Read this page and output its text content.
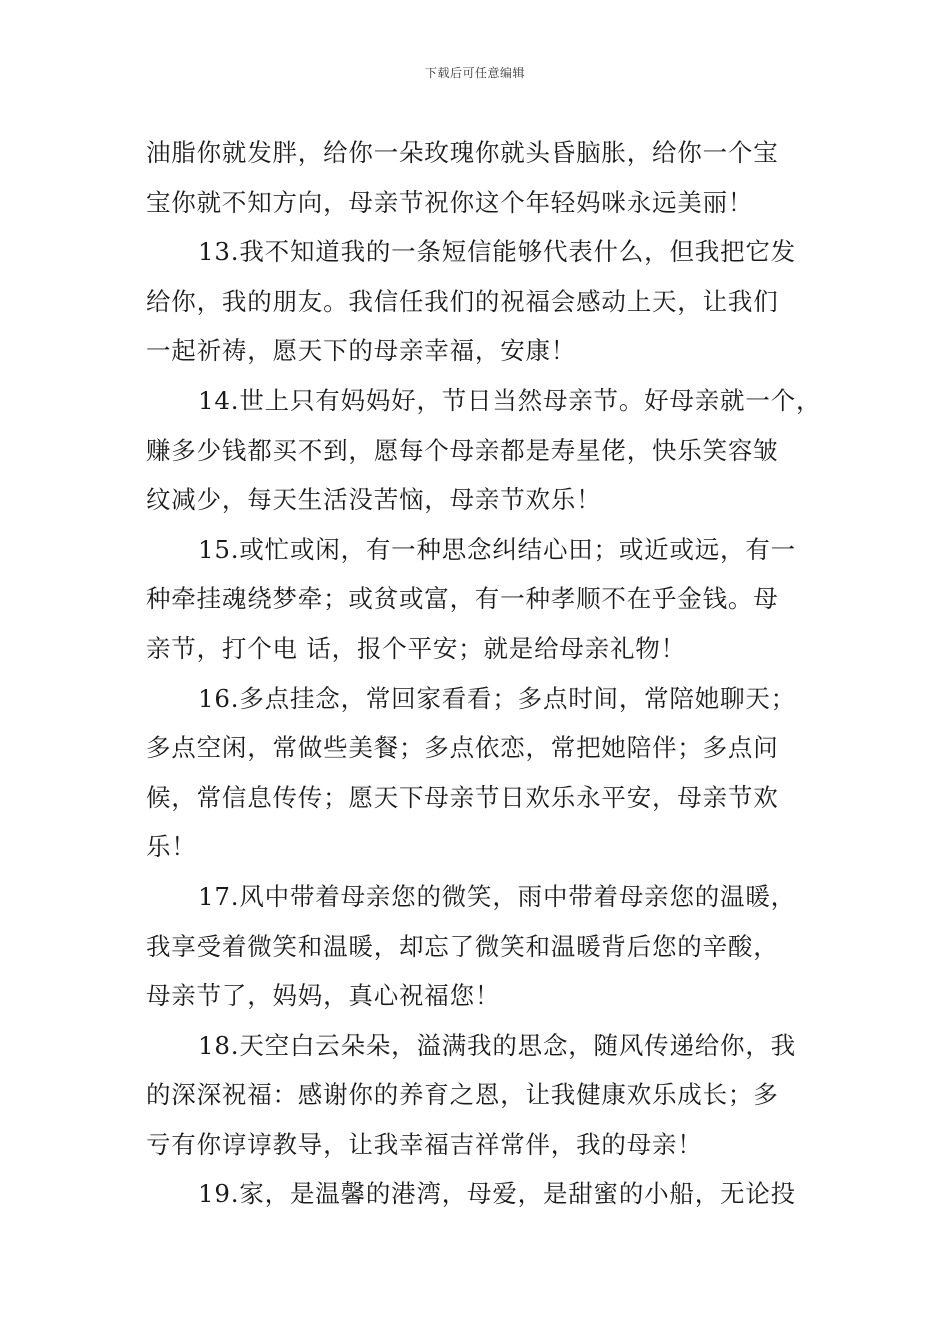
下载后可任意编辑
油脂你就发胖，给你一朵玫瑰你就头昏脑胀，给你一个宝
宝你就不知方向，母亲节祝你这个年轻妈咪永远美丽！
13.我不知道我的一条短信能够代表什么，但我把它发
给你，我的朋友。我信任我们的祝福会感动上天，让我们
一起祈祷，愿天下的母亲幸福，安康！
14.世上只有妈妈好，节日当然母亲节。好母亲就一个，
赚多少钱都买不到，愿每个母亲都是寿星佬，快乐笑容皱
纹减少，每天生活没苦恼，母亲节欢乐！
15.或忙或闲，有一种思念纠结心田；或近或远，有一
种牵挂魂绕梦牵；或贫或富，有一种孝顺不在乎金钱。母
亲节，打个电 话，报个平安；就是给母亲礼物！
16.多点挂念，常回家看看；多点时间，常陪她聊天；
多点空闲，常做些美餐；多点依恋，常把她陪伴；多点问
候，常信息传传；愿天下母亲节日欢乐永平安，母亲节欢
乐！
17.风中带着母亲您的微笑，雨中带着母亲您的温暖，
我享受着微笑和温暖，却忘了微笑和温暖背后您的辛酸，
母亲节了，妈妈，真心祝福您！
18.天空白云朵朵，溢满我的思念，随风传递给你，我
的深深祝福：感谢你的养育之恩，让我健康欢乐成长；多
亏有你谆谆教导，让我幸福吉祥常伴，我的母亲！
19.家，是温馨的港湾，母爱，是甜蜜的小船，无论投
